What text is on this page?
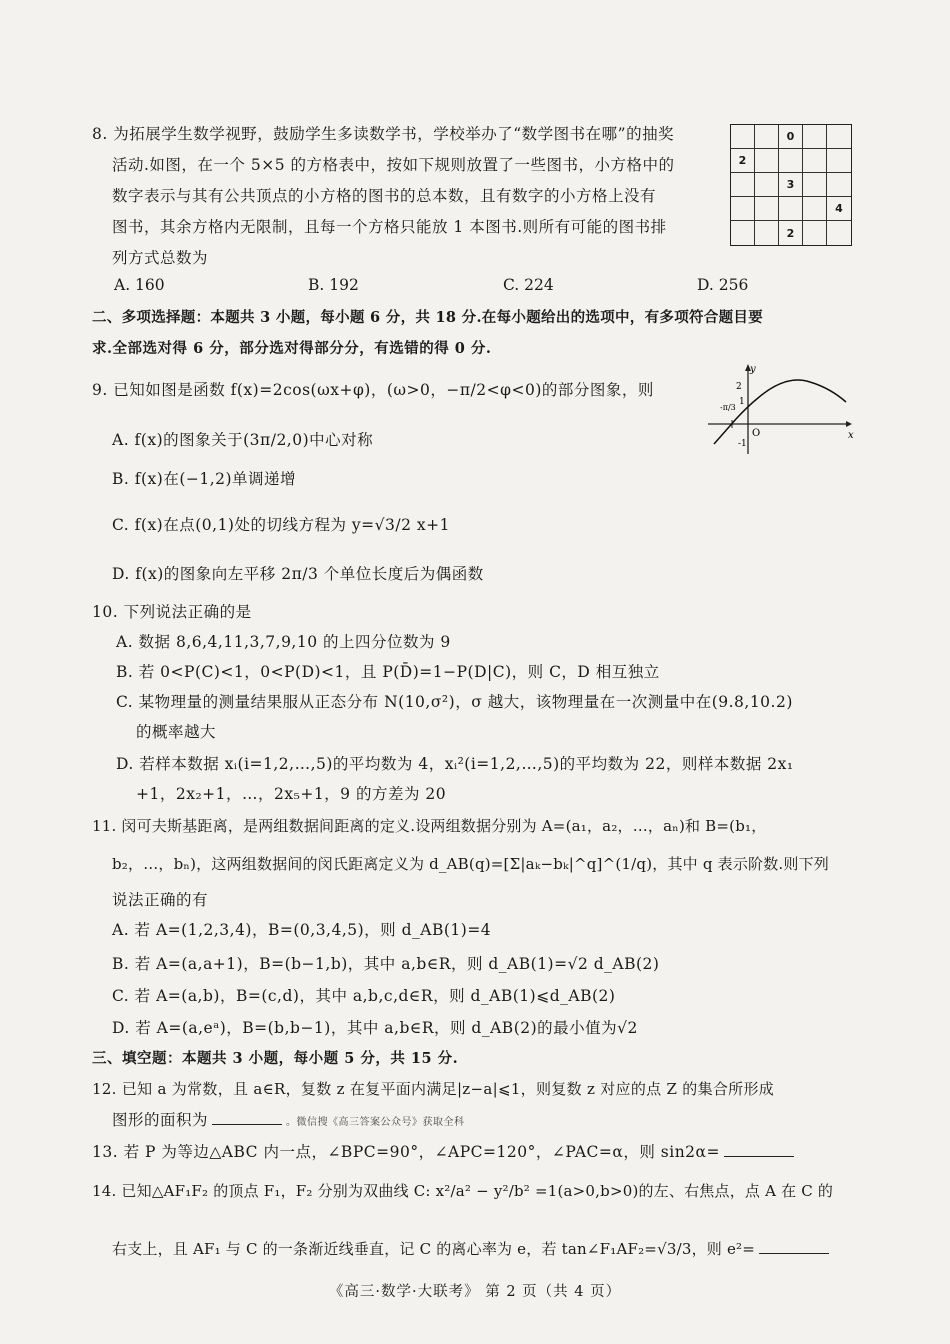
8. 为拓展学生数学视野，鼓励学生多读数学书，学校举办了“数学图书在哪”的抽奖
活动.如图，在一个 5×5 的方格表中，按如下规则放置了一些图书，小方格中的
数字表示与其有公共顶点的小方格的图书的总本数，且有数字的小方格上没有
图书，其余方格内无限制，且每一个方格只能放 1 本图书.则所有可能的图书排
列方式总数为
0
2
3
4
2
A. 160	B. 192	C. 224	D. 256
二、多项选择题：本题共 3 小题，每小题 6 分，共 18 分.在每小题给出的选项中，有多项符合题目要
求.全部选对得 6 分，部分选对得部分分，有选错的得 0 分.
9. 已知如图是函数 f(x)=2cos(ωx+φ)，(ω>0，−π/2<φ<0)的部分图象，则
A. f(x)的图象关于(3π/2,0)中心对称
B. f(x)在(−1,2)单调递增
C. f(x)在点(0,1)处的切线方程为 y=√3/2 x+1
D. f(x)的图象向左平移 2π/3 个单位长度后为偶函数
y
x
O
2
1
-1
-π/3
10. 下列说法正确的是
A. 数据 8,6,4,11,3,7,9,10 的上四分位数为 9
B. 若 0<P(C)<1，0<P(D)<1，且 P(D̄)=1−P(D|C)，则 C，D 相互独立
C. 某物理量的测量结果服从正态分布 N(10,σ²)，σ 越大，该物理量在一次测量中在(9.8,10.2)
的概率越大
D. 若样本数据 xᵢ(i=1,2,…,5)的平均数为 4，xᵢ²(i=1,2,…,5)的平均数为 22，则样本数据 2x₁
+1，2x₂+1，…，2x₅+1，9 的方差为 20
11. 闵可夫斯基距离，是两组数据间距离的定义.设两组数据分别为 A=(a₁，a₂，…，aₙ)和 B=(b₁，
b₂，…，bₙ)，这两组数据间的闵氏距离定义为 d_AB(q)=[Σ|aₖ−bₖ|^q]^(1/q)，其中 q 表示阶数.则下列
说法正确的有
A. 若 A=(1,2,3,4)，B=(0,3,4,5)，则 d_AB(1)=4
B. 若 A=(a,a+1)，B=(b−1,b)，其中 a,b∈R，则 d_AB(1)=√2 d_AB(2)
C. 若 A=(a,b)，B=(c,d)，其中 a,b,c,d∈R，则 d_AB(1)⩽d_AB(2)
D. 若 A=(a,eᵃ)，B=(b,b−1)，其中 a,b∈R，则 d_AB(2)的最小值为√2
三、填空题：本题共 3 小题，每小题 5 分，共 15 分.
12. 已知 a 为常数，且 a∈R，复数 z 在复平面内满足|z−a|⩽1，则复数 z 对应的点 Z 的集合所形成
图形的面积为	。微信搜《高三答案公众号》获取全科
13. 若 P 为等边△ABC 内一点，∠BPC=90°，∠APC=120°，∠PAC=α，则 sin2α=
14. 已知△AF₁F₂ 的顶点 F₁，F₂ 分别为双曲线 C: x²/a² − y²/b² =1(a>0,b>0)的左、右焦点，点 A 在 C 的
右支上，且 AF₁ 与 C 的一条渐近线垂直，记 C 的离心率为 e，若 tan∠F₁AF₂=√3/3，则 e²=
《高三·数学·大联考》 第 2 页（共 4 页）
